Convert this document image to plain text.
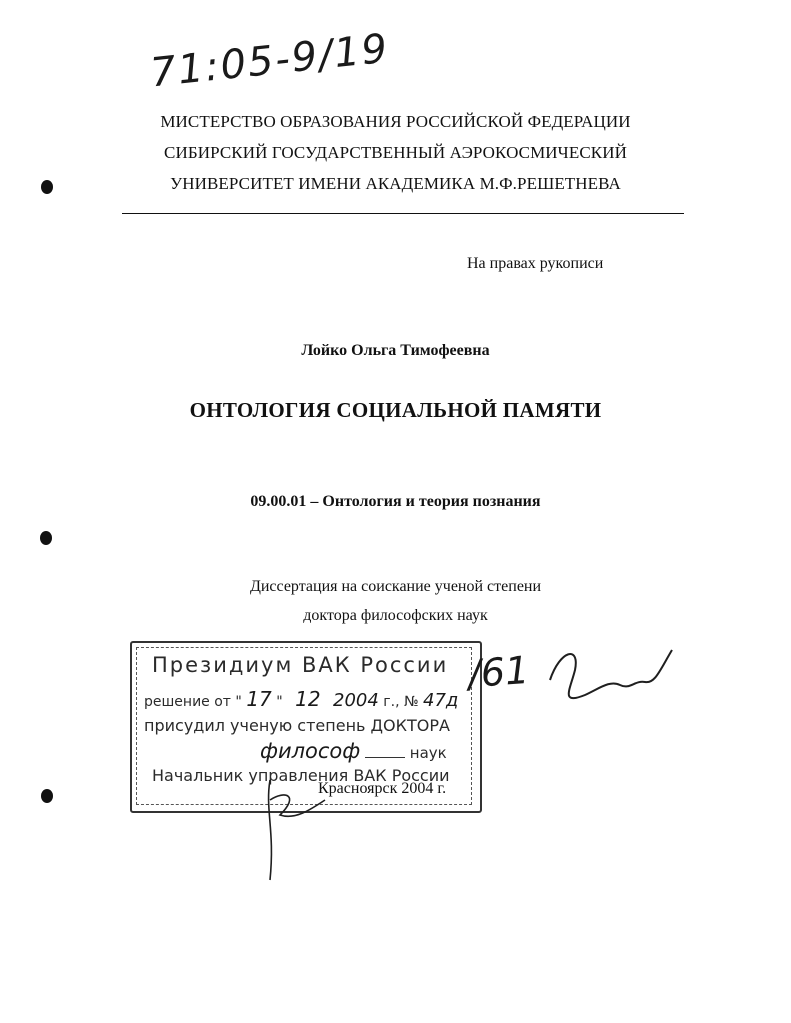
71:05-9/19
МИСТЕРСТВО ОБРАЗОВАНИЯ РОССИЙСКОЙ ФЕДЕРАЦИИ
СИБИРСКИЙ ГОСУДАРСТВЕННЫЙ АЭРОКОСМИЧЕСКИЙ
УНИВЕРСИТЕТ ИМЕНИ АКАДЕМИКА М.Ф.РЕШЕТНЕВА
На правах рукописи
Лойко Ольга Тимофеевна
ОНТОЛОГИЯ СОЦИАЛЬНОЙ ПАМЯТИ
09.00.01 – Онтология и теория познания
Диссертация на соискание ученой степени
доктора философских наук
Президиум ВАК России
решение от " 17 " 12 2004 г., № 47д
присудил ученую степень ДОКТОРА
философ	наук
Начальник управления ВАК России
/61
Красноярск 2004 г.
